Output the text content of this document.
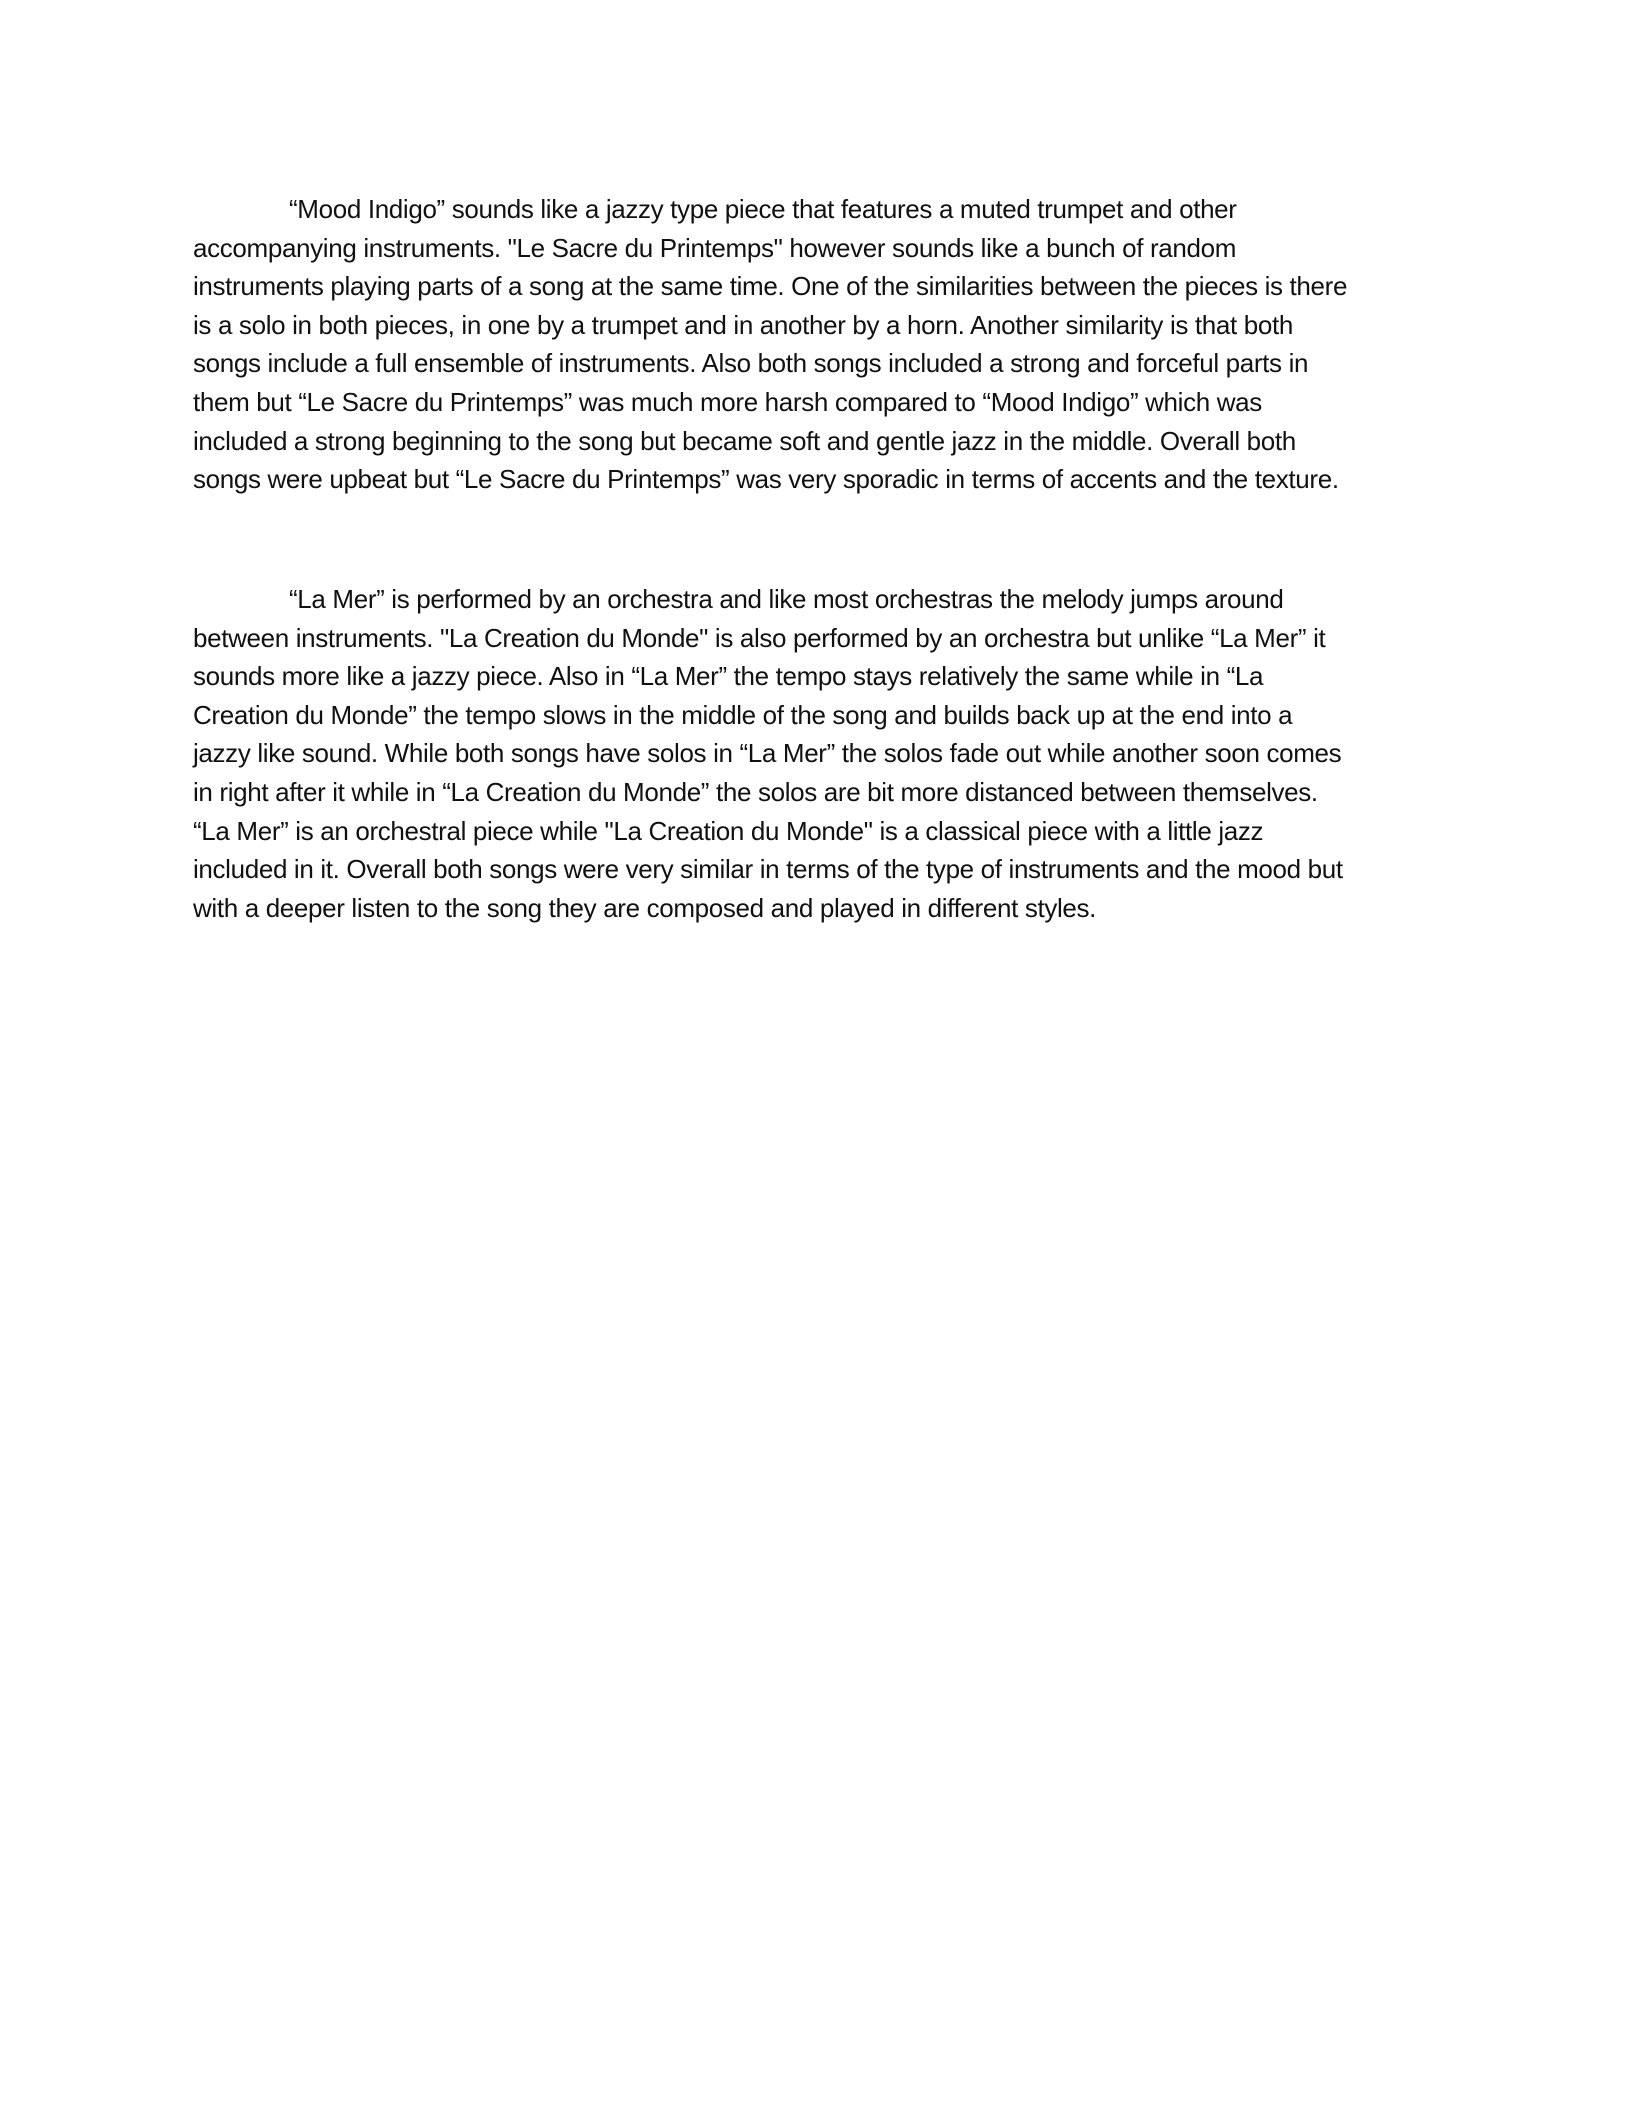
“Mood Indigo” sounds like a jazzy type piece that features a muted trumpet and other
accompanying instruments. "Le Sacre du Printemps" however sounds like a bunch of random
instruments playing parts of a song at the same time. One of the similarities between the pieces is there
is a solo in both pieces, in one by a trumpet and in another by a horn. Another similarity is that both
songs include a full ensemble of instruments. Also both songs included a strong and forceful parts in
them but “Le Sacre du Printemps” was much more harsh compared to “Mood Indigo” which was
included a strong beginning to the song but became soft and gentle jazz in the middle. Overall both
songs were upbeat but “Le Sacre du Printemps” was very sporadic in terms of accents and the texture.
“La Mer” is performed by an orchestra and like most orchestras the melody jumps around
between instruments. "La Creation du Monde" is also performed by an orchestra but unlike “La Mer” it
sounds more like a jazzy piece. Also in “La Mer” the tempo stays relatively the same while in “La
Creation du Monde” the tempo slows in the middle of the song and builds back up at the end into a
jazzy like sound. While both songs have solos in “La Mer” the solos fade out while another soon comes
in right after it while in “La Creation du Monde” the solos are bit more distanced between themselves.
“La Mer” is an orchestral piece while "La Creation du Monde" is a classical piece with a little jazz
included in it. Overall both songs were very similar in terms of the type of instruments and the mood but
with a deeper listen to the song they are composed and played in different styles.
